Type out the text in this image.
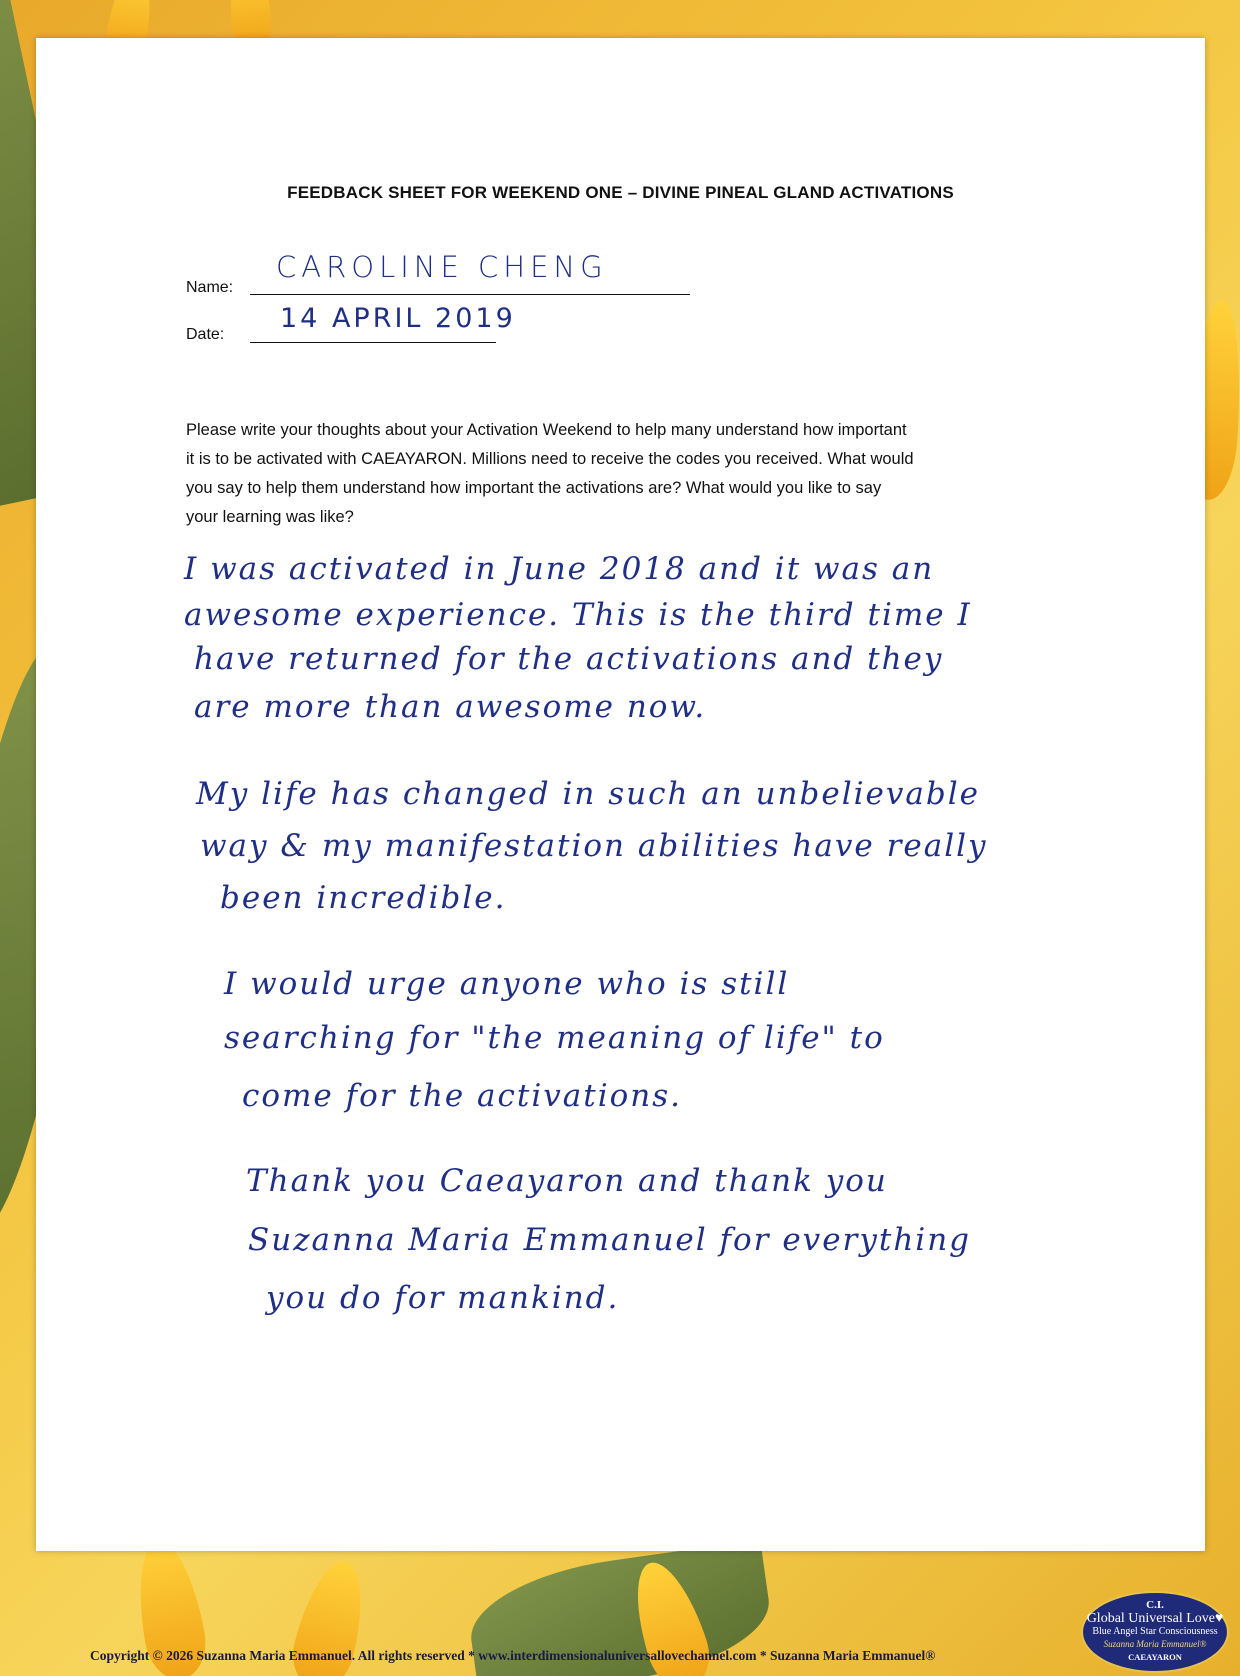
FEEDBACK SHEET FOR WEEKEND ONE – DIVINE PINEAL GLAND ACTIVATIONS
Name:
CAROLINE CHENG
Date:
14 APRIL 2019
Please write your thoughts about your Activation Weekend to help many understand how important
it is to be activated with CAEAYARON. Millions need to receive the codes you received. What would
you say to help them understand how important the activations are? What would you like to say
your learning was like?
I was activated in June 2018 and it was an
awesome experience. This is the third time I
have returned for the activations and they
are more than awesome now.
My life has changed in such an unbelievable
way & my manifestation abilities have really
been incredible.
I would urge anyone who is still
searching for "the meaning of life" to
come for the activations.
Thank you Caeayaron and thank you
Suzanna Maria Emmanuel for everything
you do for mankind.
Copyright © 2026 Suzanna Maria Emmanuel. All rights reserved * www.interdimensionaluniversallovechannel.com * Suzanna Maria Emmanuel®
C.I.
Global Universal Love♥
Blue Angel Star Consciousness
Suzanna Maria Emmanuel®
CAEAYARON
